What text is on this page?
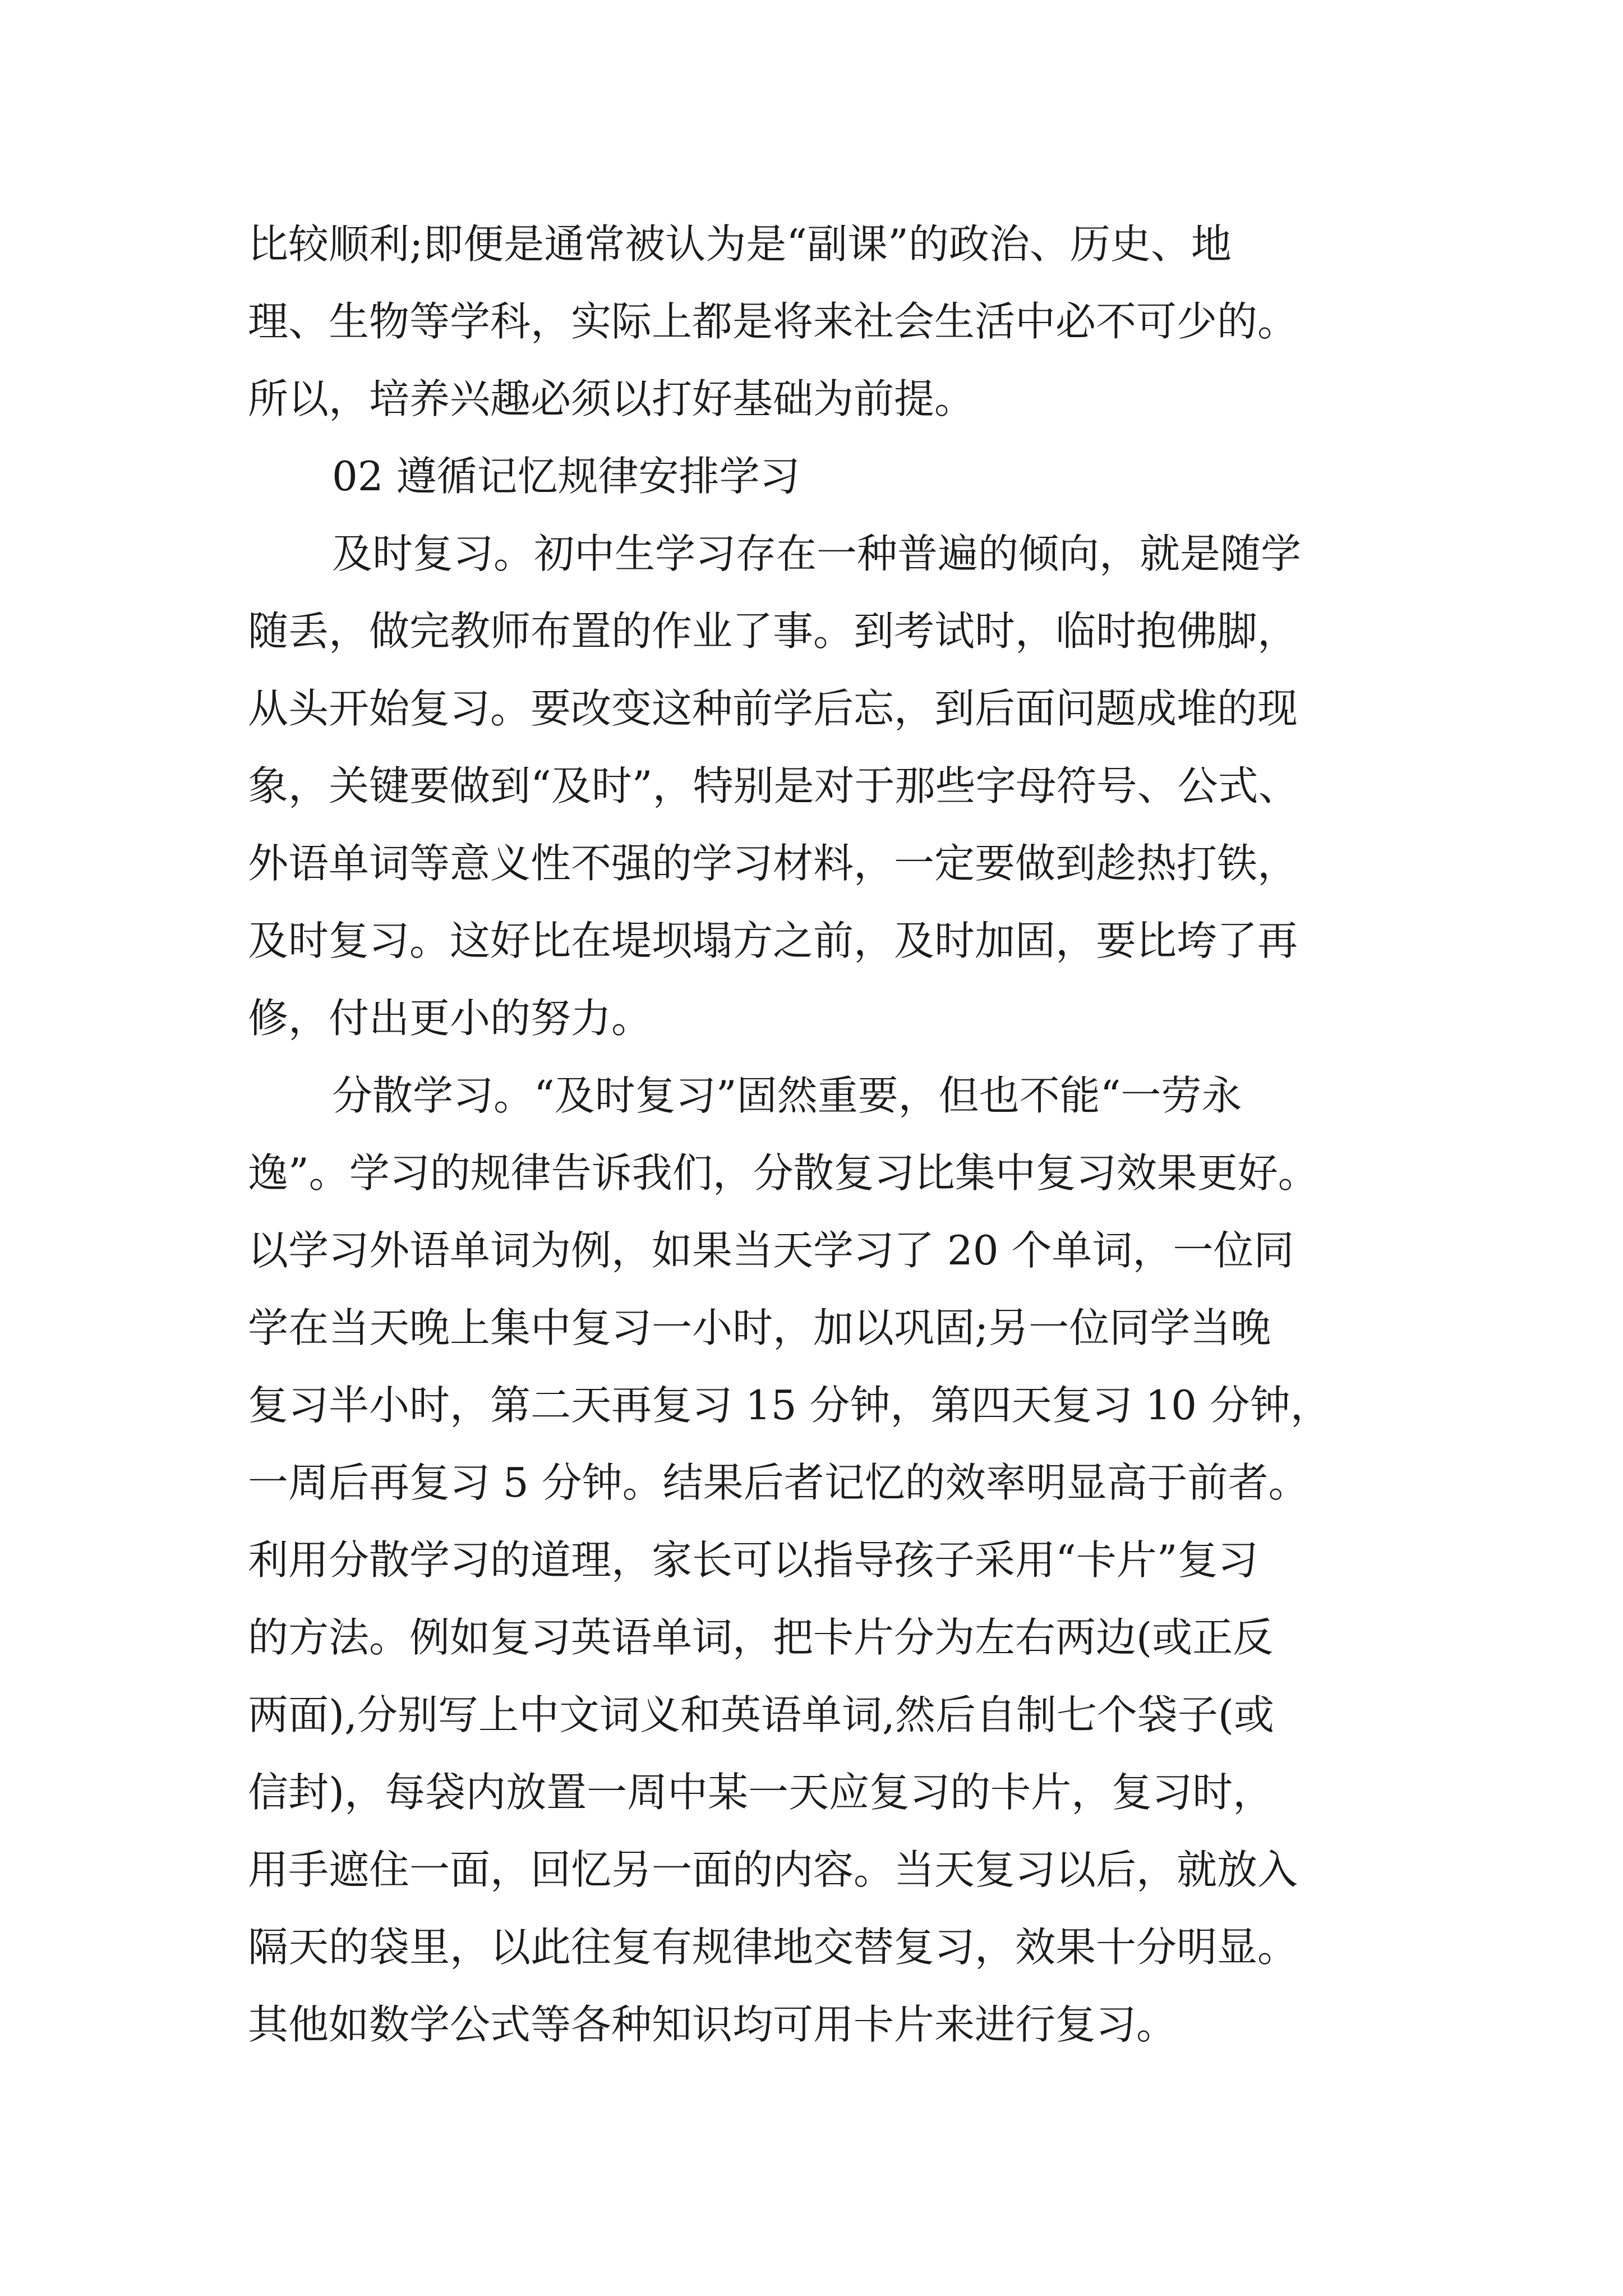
比较顺利;即便是通常被认为是“副课”的政治、历史、地
理、生物等学科，实际上都是将来社会生活中必不可少的。
所以，培养兴趣必须以打好基础为前提。
02 遵循记忆规律安排学习
及时复习。初中生学习存在一种普遍的倾向，就是随学
随丢，做完教师布置的作业了事。到考试时，临时抱佛脚，
从头开始复习。要改变这种前学后忘，到后面问题成堆的现
象，关键要做到“及时”，特别是对于那些字母符号、公式、
外语单词等意义性不强的学习材料，一定要做到趁热打铁，
及时复习。这好比在堤坝塌方之前，及时加固，要比垮了再
修，付出更小的努力。
分散学习。“及时复习”固然重要，但也不能“一劳永
逸”。学习的规律告诉我们，分散复习比集中复习效果更好。
以学习外语单词为例，如果当天学习了 20 个单词，一位同
学在当天晚上集中复习一小时，加以巩固;另一位同学当晚
复习半小时，第二天再复习 15 分钟，第四天复习 10 分钟，
一周后再复习 5 分钟。结果后者记忆的效率明显高于前者。
利用分散学习的道理，家长可以指导孩子采用“卡片”复习
的方法。例如复习英语单词，把卡片分为左右两边(或正反
两面),分别写上中文词义和英语单词,然后自制七个袋子(或
信封)，每袋内放置一周中某一天应复习的卡片，复习时，
用手遮住一面，回忆另一面的内容。当天复习以后，就放入
隔天的袋里，以此往复有规律地交替复习，效果十分明显。
其他如数学公式等各种知识均可用卡片来进行复习。
